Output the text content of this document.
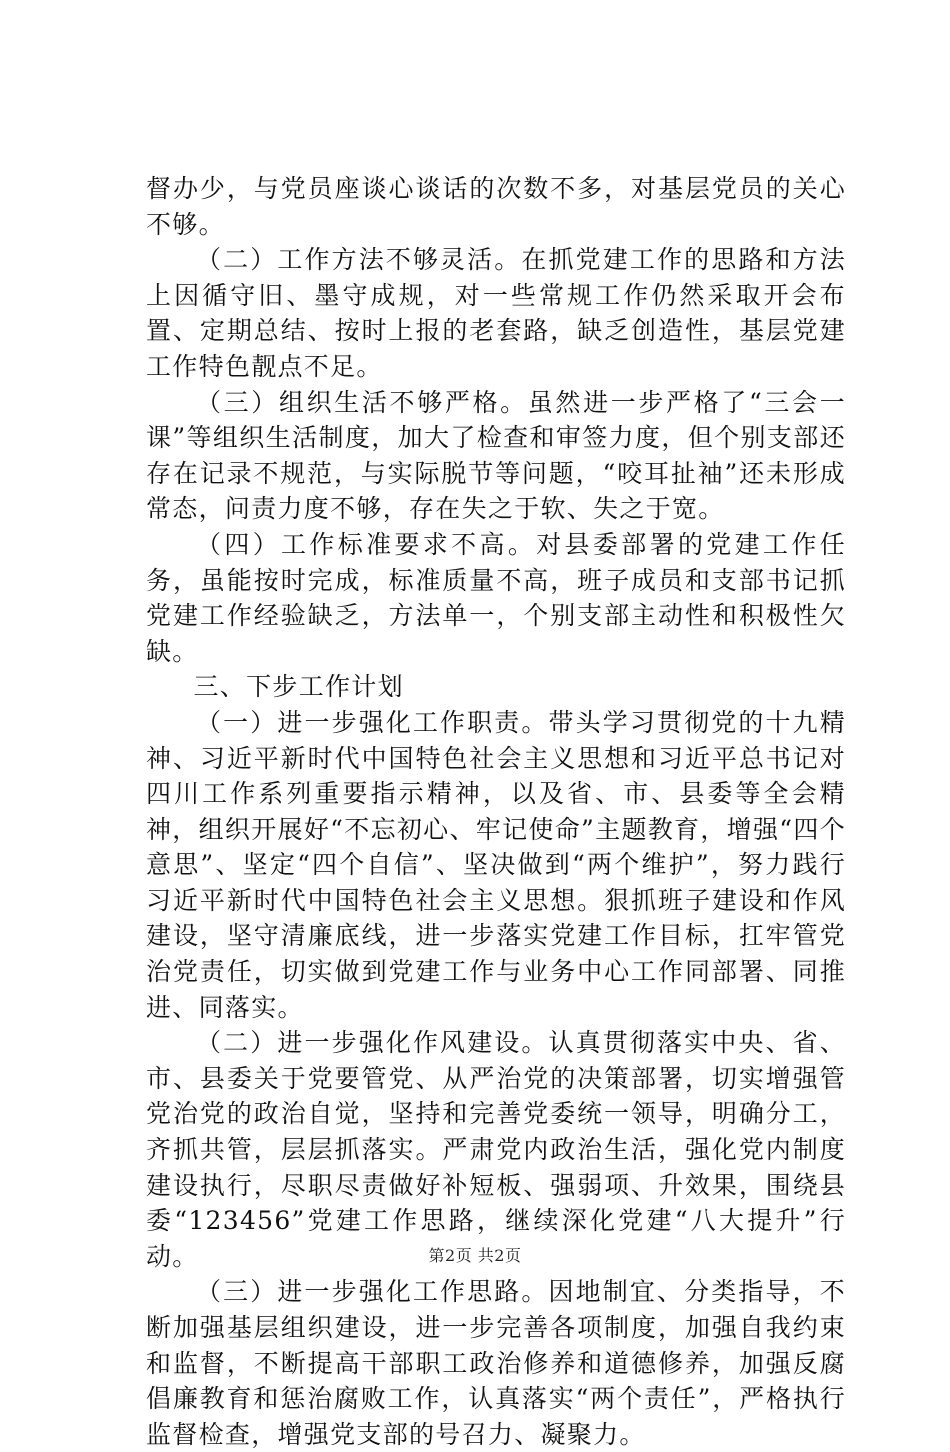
督办少，与党员座谈心谈话的次数不多，对基层党员的关心不够。

（二）工作方法不够灵活。在抓党建工作的思路和方法上因循守旧、墨守成规，对一些常规工作仍然采取开会布置、定期总结、按时上报的老套路，缺乏创造性，基层党建工作特色靓点不足。

（三）组织生活不够严格。虽然进一步严格了“三会一课”等组织生活制度，加大了检查和审签力度，但个别支部还存在记录不规范，与实际脱节等问题，“咬耳扯袖”还未形成常态，问责力度不够，存在失之于软、失之于宽。

（四）工作标准要求不高。对县委部署的党建工作任务，虽能按时完成，标准质量不高，班子成员和支部书记抓党建工作经验缺乏，方法单一，个别支部主动性和积极性欠缺。

三、下步工作计划

（一）进一步强化工作职责。带头学习贯彻党的十九精神、习近平新时代中国特色社会主义思想和习近平总书记对四川工作系列重要指示精神，以及省、市、县委等全会精神，组织开展好“不忘初心、牢记使命”主题教育，增强“四个意思”、坚定“四个自信”、坚决做到“两个维护”，努力践行习近平新时代中国特色社会主义思想。狠抓班子建设和作风建设，坚守清廉底线，进一步落实党建工作目标，扛牢管党治党责任，切实做到党建工作与业务中心工作同部署、同推进、同落实。

（二）进一步强化作风建设。认真贯彻落实中央、省、市、县委关于党要管党、从严治党的决策部署，切实增强管党治党的政治自觉，坚持和完善党委统一领导，明确分工，齐抓共管，层层抓落实。严肃党内政治生活，强化党内制度建设执行，尽职尽责做好补短板、强弱项、升效果，围绕县委“123456”党建工作思路，继续深化党建“八大提升”行动。

（三）进一步强化工作思路。因地制宜、分类指导，不断加强基层组织建设，进一步完善各项制度，加强自我约束和监督，不断提高干部职工政治修养和道德修养，加强反腐倡廉教育和惩治腐败工作，认真落实“两个责任”，严格执行监督检查，增强党支部的号召力、凝聚力。

第2页 共2页
